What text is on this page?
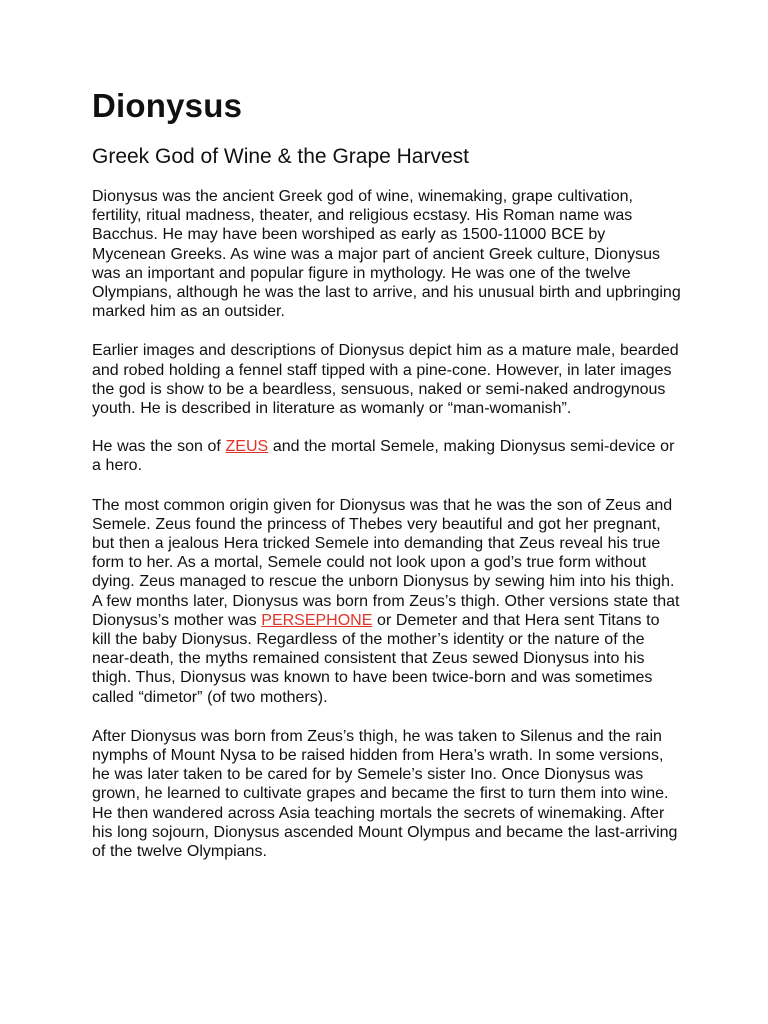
Dionysus
Greek God of Wine & the Grape Harvest

Dionysus was the ancient Greek god of wine, winemaking, grape cultivation, fertility, ritual madness, theater, and religious ecstasy. His Roman name was Bacchus. He may have been worshiped as early as 1500-11000 BCE by Mycenean Greeks. As wine was a major part of ancient Greek culture, Dionysus was an important and popular figure in mythology. He was one of the twelve Olympians, although he was the last to arrive, and his unusual birth and upbringing marked him as an outsider.

Earlier images and descriptions of Dionysus depict him as a mature male, bearded and robed holding a fennel staff tipped with a pine-cone. However, in later images the god is show to be a beardless, sensuous, naked or semi-naked androgynous youth. He is described in literature as womanly or “man-womanish”.

He was the son of ZEUS and the mortal Semele, making Dionysus semi-device or a hero.

The most common origin given for Dionysus was that he was the son of Zeus and Semele. Zeus found the princess of Thebes very beautiful and got her pregnant, but then a jealous Hera tricked Semele into demanding that Zeus reveal his true form to her. As a mortal, Semele could not look upon a god’s true form without dying. Zeus managed to rescue the unborn Dionysus by sewing him into his thigh. A few months later, Dionysus was born from Zeus’s thigh. Other versions state that Dionysus’s mother was PERSEPHONE or Demeter and that Hera sent Titans to kill the baby Dionysus. Regardless of the mother’s identity or the nature of the near-death, the myths remained consistent that Zeus sewed Dionysus into his thigh. Thus, Dionysus was known to have been twice-born and was sometimes called “dimetor” (of two mothers).

After Dionysus was born from Zeus’s thigh, he was taken to Silenus and the rain nymphs of Mount Nysa to be raised hidden from Hera’s wrath. In some versions, he was later taken to be cared for by Semele’s sister Ino. Once Dionysus was grown, he learned to cultivate grapes and became the first to turn them into wine. He then wandered across Asia teaching mortals the secrets of winemaking. After his long sojourn, Dionysus ascended Mount Olympus and became the last-arriving of the twelve Olympians.
